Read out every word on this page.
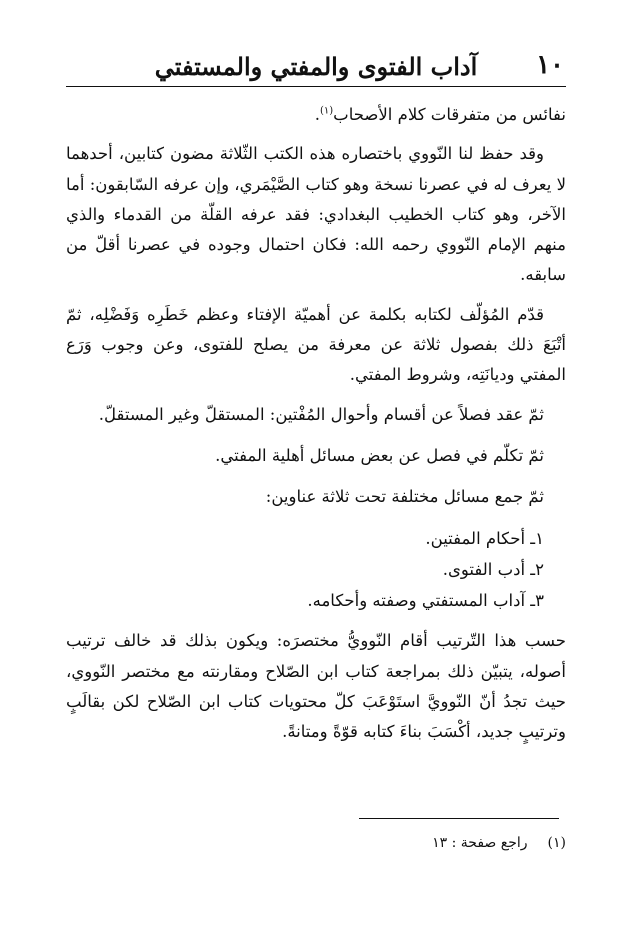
١٠
آداب الفتوى والمفتي والمستفتي

نفائس من متفرقات كلام الأصحاب$^{(١)}$.

وقد حفظ لنا النّووي باختصاره هذه الكتب الثّلاثة مضون كتابين، أحدهما لا يعرف له في عصرنا نسخة وهو كتاب الصَّيْمَري، وإن عرفه السّابقون: أما الآخر، وهو كتاب الخطيب البغدادي: فقد عرفه القلّة من القدماء والذي منهم الإمام النّووي رحمه الله: فكان احتمال وجوده في عصرنا أقلّ من سابقه.

قدّم المُؤلّف لكتابه بكلمة عن أهميّة الإفتاء وعظم خَطَرِه وَفَضْلِه، ثمّ أتْبَعَ ذلك بفصول ثلاثة عن معرفة من يصلح للفتوى، وعن وجوب وَرَع المفتي وديانَتِه، وشروط المفتي.

ثمّ عقد فصلاً عن أقسام وأحوال المُفْتين: المستقلّ وغير المستقلّ.

ثمّ تكلّم في فصل عن بعض مسائل أهلية المفتي.

ثمّ جمع مسائل مختلفة تحت ثلاثة عناوين:

١ـ أحكام المفتين.
٢ـ أدب الفتوى.
٣ـ آداب المستفتي وصفته وأحكامه.

حسب هذا التّرتيب أقام النّوويُّ مختصرَه: ويكون بذلك قد خالف ترتيب أصوله، يتبيّن ذلك بمراجعة كتاب ابن الصّلاح ومقارنته مع مختصر النّووي، حيث تجدُ أنّ النّوويَّ استَوْعَبَ كلّ محتويات كتاب ابن الصّلاح لكن بقالَبٍ وترتيبٍ جديد، أكْسَبَ بناءَ كتابه قوّةً ومتانةً.

(١)راجع صفحة : ١٣
